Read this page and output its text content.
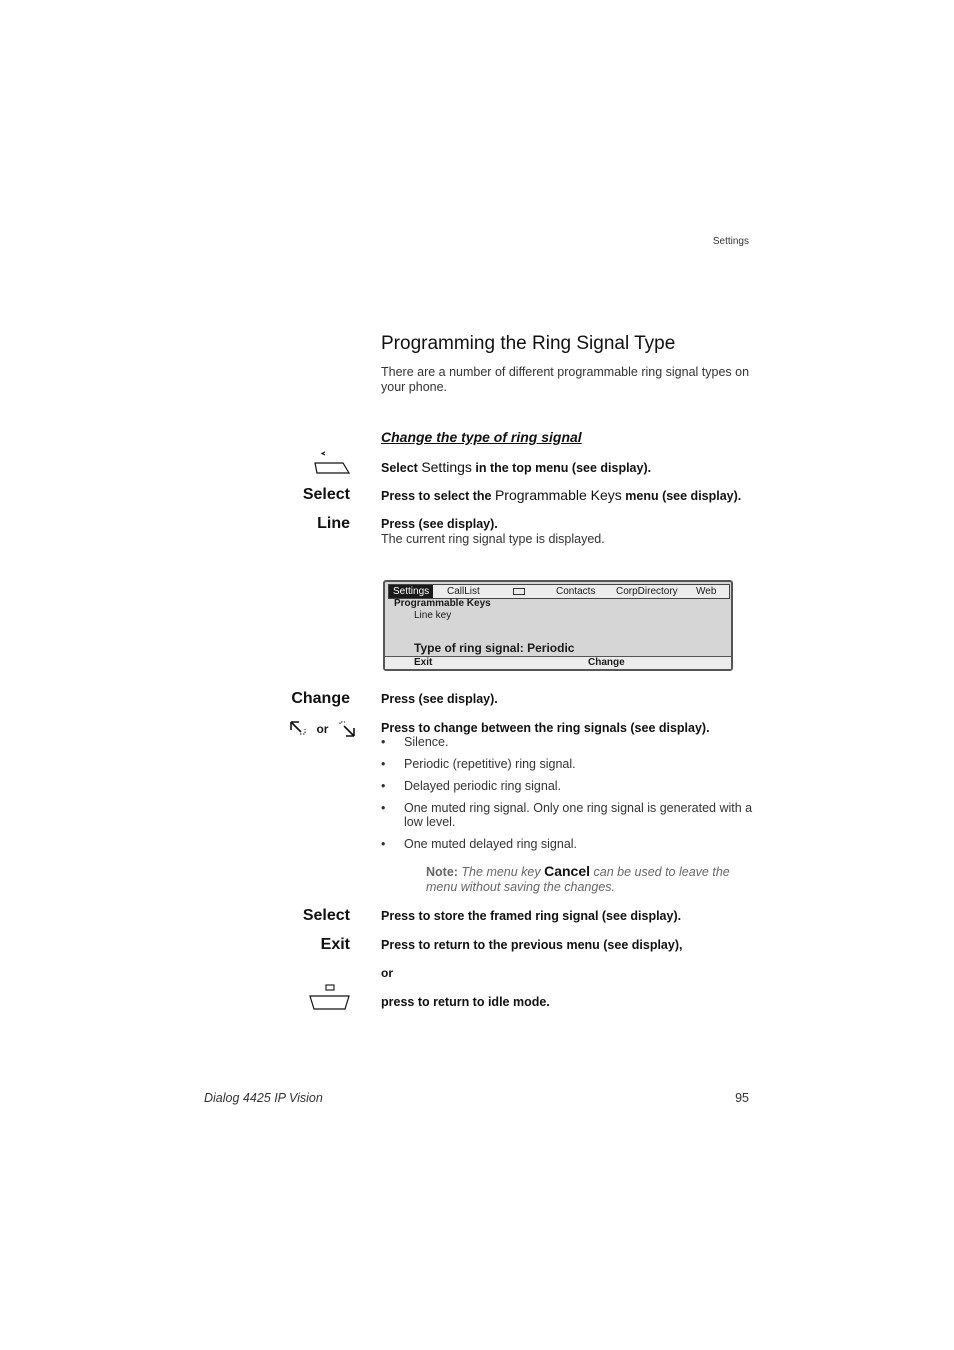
Settings
Programming the Ring Signal Type

There are a number of different programmable ring signal types on your phone.

Change the type of ring signal
Select Settings in the top menu (see display).
Select Press to select the Programmable Keys menu (see display).
Line Press (see display).
The current ring signal type is displayed.
Settings	CallList	Contacts CorpDirectory Web
Programmable Keys
Line key
Type of ring signal: Periodic
Exit	Change
Change Press (see display).
or	Press to change between the ring signals (see display).
• Silence.
• Periodic (repetitive) ring signal.
• Delayed periodic ring signal.
• One muted ring signal. Only one ring signal is generated with a low level.
• One muted delayed ring signal.
Note: The menu key Cancel can be used to leave the menu without saving the changes.
Select Press to store the framed ring signal (see display).
Exit Press to return to the previous menu (see display),
or
press to return to idle mode.
Dialog 4425 IP Vision	95
